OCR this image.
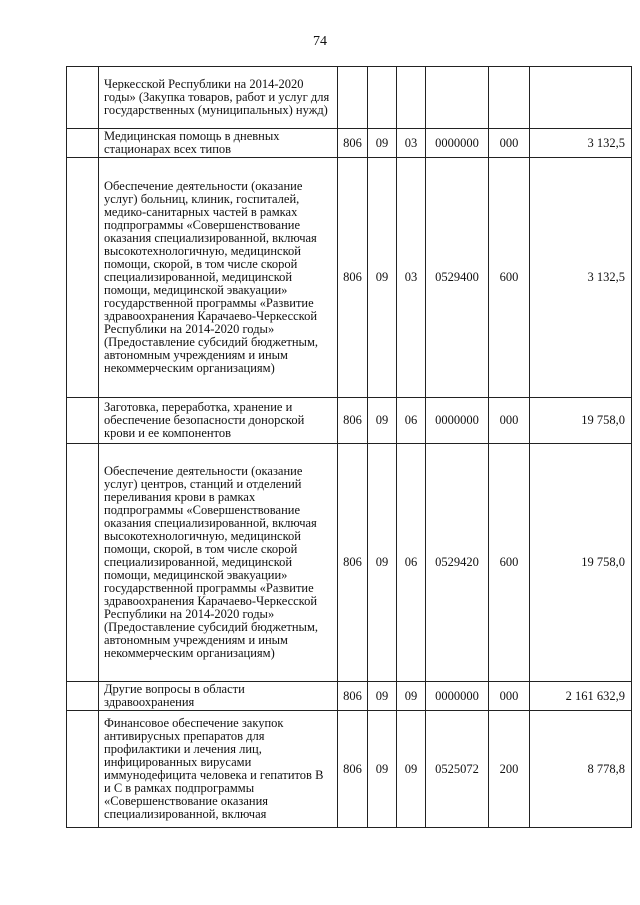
74
	Черкесской Республики на 2014-2020 годы» (Закупка товаров, работ и услуг для государственных (муниципальных) нужд)						
	Медицинская помощь в дневных стационарах всех типов	806	09	03	0000000	000	3 132,5
	Обеспечение деятельности (оказание услуг) больниц, клиник, госпиталей, медико-санитарных частей в рамках подпрограммы «Совершенствование оказания специализированной, включая высокотехнологичную, медицинской помощи, скорой, в том числе скорой специализированной, медицинской помощи, медицинской эвакуации» государственной программы «Развитие здравоохранения Карачаево-Черкесской Республики на 2014-2020 годы» (Предоставление субсидий бюджетным, автономным учреждениям и иным некоммерческим организациям)	806	09	03	0529400	600	3 132,5
	Заготовка, переработка, хранение и обеспечение безопасности донорской крови и ее компонентов	806	09	06	0000000	000	19 758,0
	Обеспечение деятельности (оказание услуг) центров, станций и отделений переливания крови в рамках подпрограммы «Совершенствование оказания специализированной, включая высокотехнологичную, медицинской помощи, скорой, в том числе скорой специализированной, медицинской помощи, медицинской эвакуации» государственной программы «Развитие здравоохранения Карачаево-Черкесской Республики на 2014-2020 годы» (Предоставление субсидий бюджетным, автономным учреждениям и иным некоммерческим организациям)	806	09	06	0529420	600	19 758,0
	Другие вопросы в области здравоохранения	806	09	09	0000000	000	2 161 632,9
	Финансовое обеспечение закупок антивирусных препаратов для профилактики и лечения лиц, инфицированных вирусами иммунодефицита человека и гепатитов В и С в рамках подпрограммы «Совершенствование оказания специализированной, включая	806	09	09	0525072	200	8 778,8
